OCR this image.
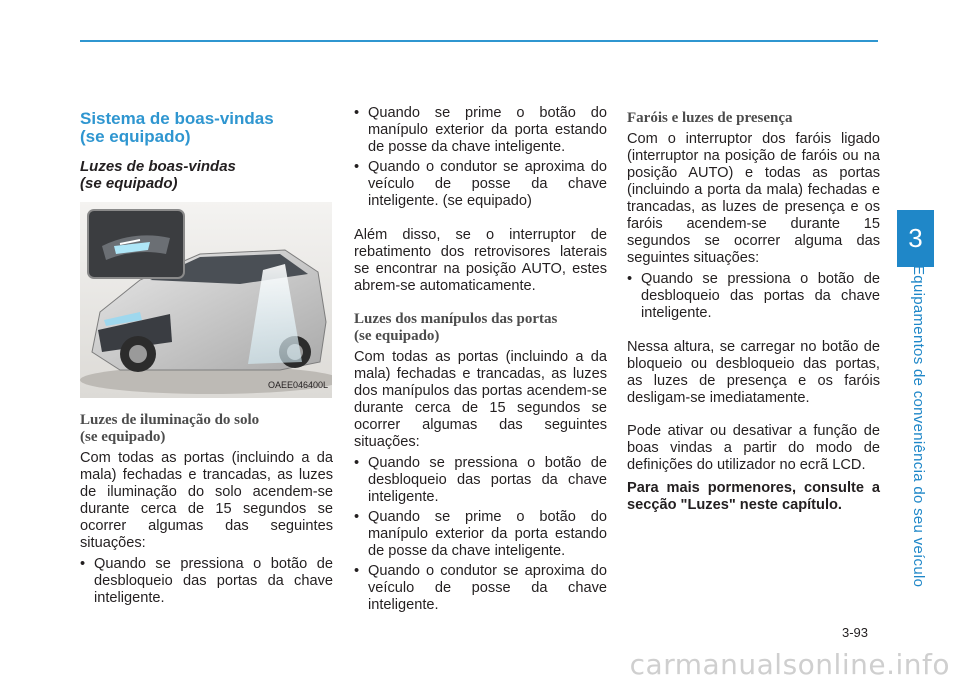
3
Equipamentos de conveniência do seu veículo
Sistema de boas-vindas
(se equipado)
Luzes de boas-vindas
(se equipado)
OAEE046400L
Luzes de iluminação do solo
(se equipado)

Com todas as portas (incluindo a da mala) fechadas e trancadas, as luzes de iluminação do solo acendem-se durante cerca de 15 segundos se ocorrer algumas das seguintes situações:

• Quando se pressiona o botão de desbloqueio das portas da chave inteligente.
• Quando se prime o botão do manípulo exterior da porta estando de posse da chave inteligente.
• Quando o condutor se aproxima do veículo de posse da chave inteligente. (se equipado)

Além disso, se o interruptor de rebatimento dos retrovisores laterais se encontrar na posição AUTO, estes abrem-se automaticamente.

Luzes dos manípulos das portas
(se equipado)

Com todas as portas (incluindo a da mala) fechadas e trancadas, as luzes dos manípulos das portas acendem-se durante cerca de 15 segundos se ocorrer algumas das seguintes situações:

• Quando se pressiona o botão de desbloqueio das portas da chave inteligente.
• Quando se prime o botão do manípulo exterior da porta estando de posse da chave inteligente.
• Quando o condutor se aproxima do veículo de posse da chave inteligente.
Faróis e luzes de presença

Com o interruptor dos faróis ligado (interruptor na posição de faróis ou na posição AUTO) e todas as portas (incluindo a porta da mala) fechadas e trancadas, as luzes de presença e os faróis acendem-se durante 15 segundos se ocorrer alguma das seguintes situações:

• Quando se pressiona o botão de desbloqueio das portas da chave inteligente.

Nessa altura, se carregar no botão de bloqueio ou desbloqueio das portas, as luzes de presença e os faróis desligam-se imediatamente.

Pode ativar ou desativar a função de boas vindas a partir do modo de definições do utilizador no ecrã LCD.

Para mais pormenores, consulte a secção "Luzes" neste capítulo.

3-93
carmanualsonline.info
